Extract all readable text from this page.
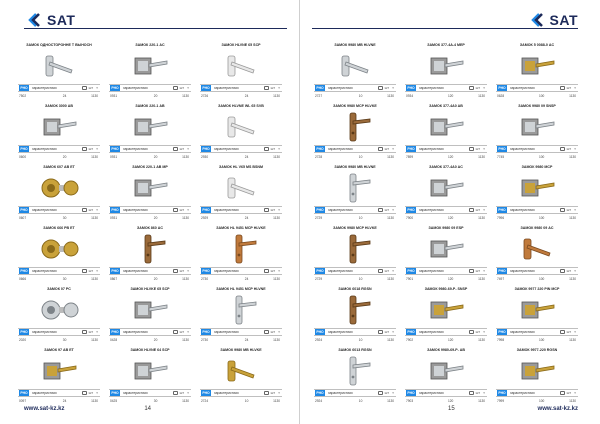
SAT
ЗАМОК ОДНОСТОРОННЕ T ВЫНОСН
PHO	характеристики	ШТ T
7502	24	1130
ЗАМОК 220-1 AC
PHO	характеристики	ШТ T
0931	20	1130
ЗАМОК HLVNE 65 SCP
PHO	характеристики	ШТ T
2726	24	1130
ЗАМОК 3000 AB
PHO	характеристики	ШТ T
0600	20	1130
ЗАМОК 220-1 AB
PHO	характеристики	ШТ T
0931	20	1130
ЗАМОК HLVNE WL 65 SVB
PHO	характеристики	ШТ T
2930	24	1130
ЗАМОК 607 AB ET
PHO	характеристики	ШТ T
0607	30	1130
ЗАМОК 220-1 AB MP
PHO	характеристики	ШТ T
0931	20	1130
ЗАМОК HL V65 MS BSNM
PHO	характеристики	ШТ T
2929	24	1130
ЗАМОК 666 PB ET
PHO	характеристики	ШТ T
0666	30	1130
ЗАМОК 860 AC
PHO	характеристики	ШТ T
0867	20	1130
ЗАМОК HL 9451 MCP HLVKE
PHO	характеристики	ШТ T
2730	24	1130
ЗАМОК 07 PC
PHO	характеристики	ШТ T
2020	30	1130
ЗАМОК HLVKE 65 SCP
PHO	характеристики	ШТ T
0428	20	1130
ЗАМОК HL 9451 MCP HLVNE
PHO	характеристики	ШТ T
2730	24	1130
ЗАМОК 97 AB ET
PHO	характеристики	ШТ T
0097	24	1130
ЗАМОК HLVNE 64 SCP
PHO	характеристики	ШТ T
0425	30	1130
ЗАМОК 9980 MB HLVKE
PHO	характеристики	ШТ T
2724	10	1130
www.sat-kz.kz	14
SAT
ЗАМОК 9980 MB HLVNE
PHO	характеристики	ШТ T
2727	10	1130
ЗАМОК 377-4A-4 MEP
PHO	характеристики	ШТ T
0934	120	1130
ЗАМОК 5 0088-0 AC
PHO	характеристики	ШТ T
0628	100	1130
ЗАМОК 9980 MCP HLVKE
PHO	характеристики	ШТ T
2728	10	1130
ЗАМОК 377-4A0 AB
PHO	характеристики	ШТ T
7899	120	1130
ЗАМОК 9980 09 SNSP
PHO	характеристики	ШТ T
7745	100	1130
ЗАМОК 9980 MB HLVNE
PHO	характеристики	ШТ T
2729	10	1130
ЗАМОК 377-4A0 AC
PHO	характеристики	ШТ T
7900	120	1130
ЗАМОК 9980 MCP
PHO	характеристики	ШТ T
7996	100	1130
ЗАМОК 9980 MCP HLVKE
PHO	характеристики	ШТ T
2729	10	1130
ЗАМОК 9980 09 ESP
PHO	характеристики	ШТ T
7901	120	1130
ЗАМОК 9980 09 AC
PHO	характеристики	ШТ T
7497	100	1130
ЗАМОК 6018 RGSN
PHO	характеристики	ШТ T
2924	10	1130
ЗАМОК 9980-69-P- SNSP
PHO	характеристики	ШТ T
7902	120	1130
ЗАМОК 9977 220 PIN MCP
PHO	характеристики	ШТ T
7998	100	1130
ЗАМОК 6013 RGSN
PHO	характеристики	ШТ T
2924	10	1130
ЗАМОК 9980-69-P- AB
PHO	характеристики	ШТ T
7903	120	1130
ЗАМОК 9977-220 RGSN
PHO	характеристики	ШТ T
7999	100	1130
www.sat-kz.kz
15
